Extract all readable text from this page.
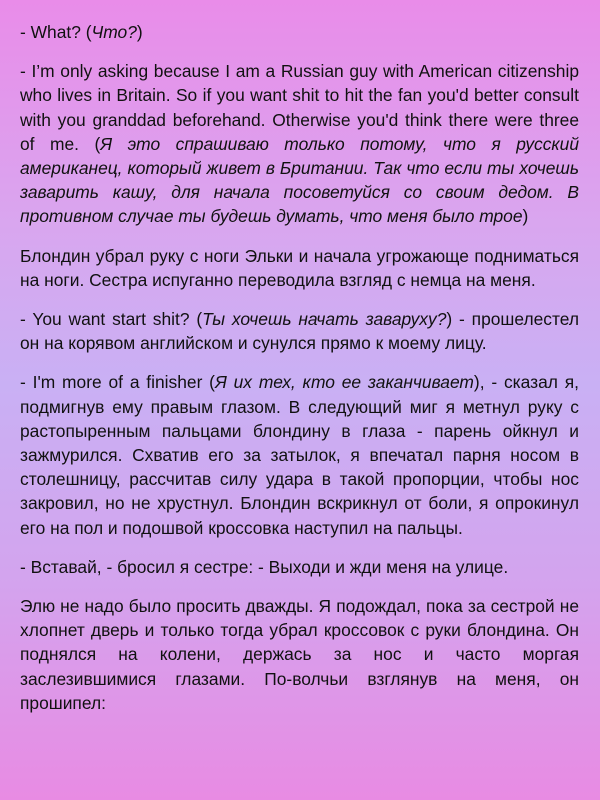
- What? (Что?)

- I’m only asking because I am a Russian guy with American citizenship who lives in Britain. So if you want shit to hit the fan you'd better consult with you granddad beforehand. Otherwise you'd think there were three of me. (Я это спрашиваю только потому, что я русский американец, который живет в Британии. Так что если ты хочешь заварить кашу, для начала посоветуйся со своим дедом. В противном случае ты будешь думать, что меня было трое)

Блондин убрал руку с ноги Эльки и начала угрожающе подниматься на ноги. Сестра испуганно переводила взгляд с немца на меня.

- You want start shit? (Ты хочешь начать заваруху?) - прошелестел он на корявом английском и сунулся прямо к моему лицу.

- I'm more of a finisher (Я их тех, кто ее заканчивает), - сказал я, подмигнув ему правым глазом. В следующий миг я метнул руку с растопыренным пальцами блондину в глаза - парень ойкнул и зажмурился. Схватив его за затылок, я впечатал парня носом в столешницу, рассчитав силу удара в такой пропорции, чтобы нос закровил, но не хрустнул. Блондин вскрикнул от боли, я опрокинул его на пол и подошвой кроссовка наступил на пальцы.

- Вставай, - бросил я сестре: - Выходи и жди меня на улице.

Элю не надо было просить дважды. Я подождал, пока за сестрой не хлопнет дверь и только тогда убрал кроссовок с руки блондина. Он поднялся на колени, держась за нос и часто моргая заслезившимися глазами. По-волчьи взглянув на меня, он прошипел:
